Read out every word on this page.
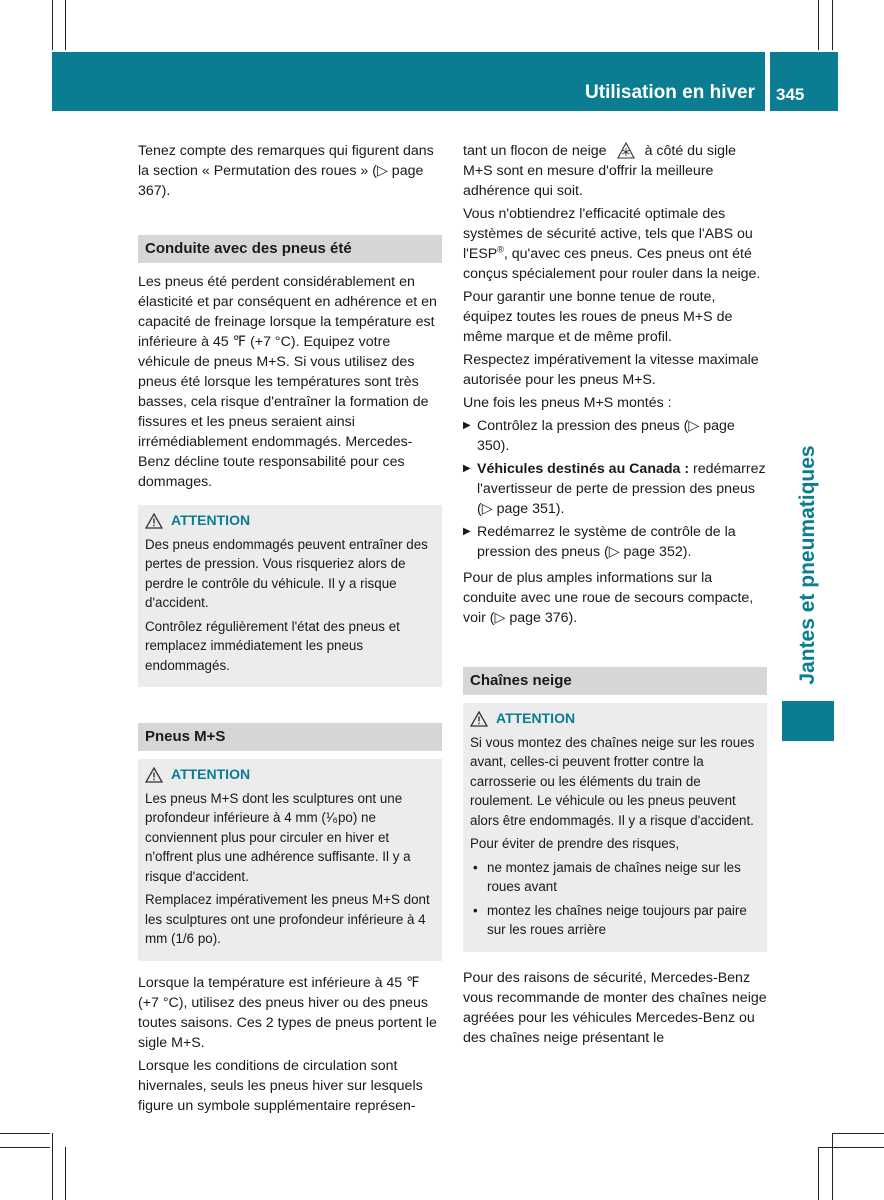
Utilisation en hiver 345
Jantes et pneumatiques

Tenez compte des remarques qui figurent dans la section « Permutation des roues » (▷ page 367).

Conduite avec des pneus été

Les pneus été perdent considérablement en élasticité et par conséquent en adhérence et en capacité de freinage lorsque la température est inférieure à 45 ℉ (+7 °C). Equipez votre véhicule de pneus M+S. Si vous utilisez des pneus été lorsque les températures sont très basses, cela risque d'entraîner la formation de fissures et les pneus seraient ainsi irrémédiablement endommagés. Mercedes-Benz décline toute responsabilité pour ces dommages.

ATTENTION

Des pneus endommagés peuvent entraîner des pertes de pression. Vous risqueriez alors de perdre le contrôle du véhicule. Il y a risque d'accident.

Contrôlez régulièrement l'état des pneus et remplacez immédiatement les pneus endommagés.

Pneus M+S
ATTENTION

Les pneus M+S dont les sculptures ont une profondeur inférieure à 4 mm (¹⁄₆po) ne conviennent plus pour circuler en hiver et n'offrent plus une adhérence suffisante. Il y a risque d'accident.

Remplacez impérativement les pneus M+S dont les sculptures ont une profondeur inférieure à 4 mm (1/6 po).

Lorsque la température est inférieure à 45 ℉ (+7 °C), utilisez des pneus hiver ou des pneus toutes saisons. Ces 2 types de pneus portent le sigle M+S.

Lorsque les conditions de circulation sont hivernales, seuls les pneus hiver sur lesquels figure un symbole supplémentaire représen-

tant un flocon de neige	à côté du sigle M+S sont en mesure d'offrir la meilleure adhérence qui soit.

Vous n'obtiendrez l'efficacité optimale des systèmes de sécurité active, tels que l'ABS ou l'ESP®, qu'avec ces pneus. Ces pneus ont été conçus spécialement pour rouler dans la neige.

Pour garantir une bonne tenue de route, équipez toutes les roues de pneus M+S de même marque et de même profil.

Respectez impérativement la vitesse maximale autorisée pour les pneus M+S.

Une fois les pneus M+S montés :

▶ Contrôlez la pression des pneus (▷ page 350).
▶ Véhicules destinés au Canada : redémarrez l'avertisseur de perte de pression des pneus (▷ page 351).
▶ Redémarrez le système de contrôle de la pression des pneus (▷ page 352).

Pour de plus amples informations sur la conduite avec une roue de secours compacte, voir (▷ page 376).

Chaînes neige
ATTENTION

Si vous montez des chaînes neige sur les roues avant, celles-ci peuvent frotter contre la carrosserie ou les éléments du train de roulement. Le véhicule ou les pneus peuvent alors être endommagés. Il y a risque d'accident.

Pour éviter de prendre des risques,

• ne montez jamais de chaînes neige sur les roues avant
• montez les chaînes neige toujours par paire sur les roues arrière

Pour des raisons de sécurité, Mercedes-Benz vous recommande de monter des chaînes neige agréées pour les véhicules Mercedes-Benz ou des chaînes neige présentant le
